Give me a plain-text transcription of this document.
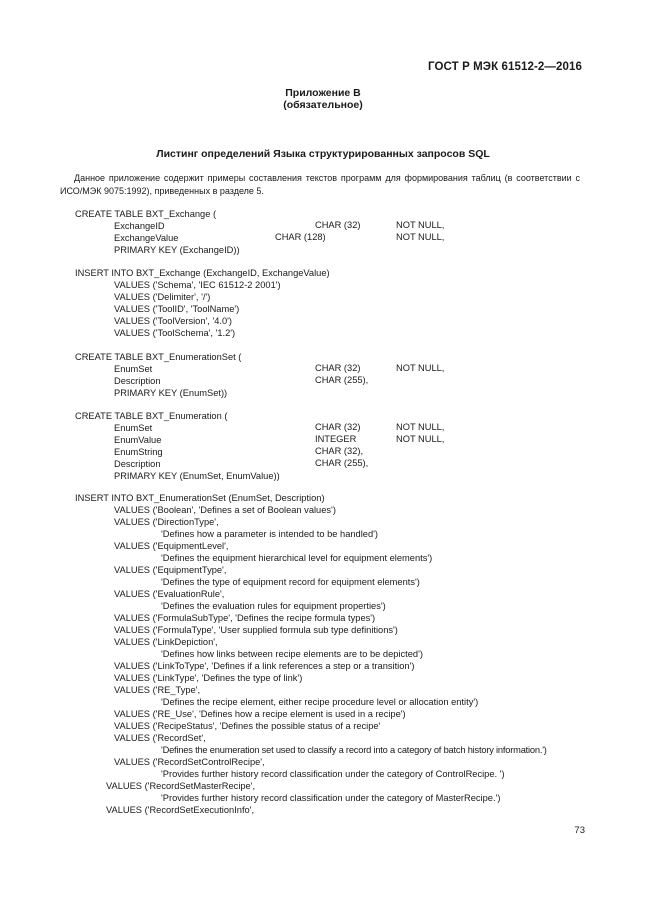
ГОСТ Р МЭК 61512-2—2016
Приложение В
(обязательное)
Листинг определений Языка структурированных запросов SQL
Данное приложение содержит примеры составления текстов программ для формирования таблиц (в соответствии с ИСО/МЭК 9075:1992), приведенных в разделе 5.
CREATE TABLE BXT_Exchange (
ExchangeID	CHAR (32)	NOT NULL,
ExchangeValue	CHAR (128)	NOT NULL,
PRIMARY KEY (ExchangeID))
INSERT INTO BXT_Exchange (ExchangeID, ExchangeValue)
VALUES ('Schema', 'IEC 61512-2 2001')
VALUES ('Delimiter', '/')
VALUES ('ToolID', 'ToolName')
VALUES ('ToolVersion', '4.0')
VALUES ('ToolSchema', '1.2')
CREATE TABLE BXT_EnumerationSet (
EnumSet	CHAR (32)	NOT NULL,
Description	CHAR (255),
PRIMARY KEY (EnumSet))
CREATE TABLE BXT_Enumeration (
EnumSet	CHAR (32)	NOT NULL,
EnumValue	INTEGER	NOT NULL,
EnumString	CHAR (32),
Description	CHAR (255),
PRIMARY KEY (EnumSet, EnumValue))
INSERT INTO BXT_EnumerationSet (EnumSet, Description)
VALUES ('Boolean', 'Defines a set of Boolean values')
VALUES ('DirectionType',
'Defines how a parameter is intended to be handled')
VALUES ('EquipmentLevel',
'Defines the equipment hierarchical level for equipment elements')
VALUES ('EquipmentType',
'Defines the type of equipment record for equipment elements')
VALUES ('EvaluationRule',
'Defines the evaluation rules for equipment properties')
VALUES ('FormulaSubType', 'Defines the recipe formula types')
VALUES ('FormulaType', 'User supplied formula sub type definitions')
VALUES ('LinkDepiction',
'Defines how links between recipe elements are to be depicted')
VALUES ('LinkToType', 'Defines if a link references a step or a transition')
VALUES ('LinkType', 'Defines the type of link')
VALUES ('RE_Type',
'Defines the recipe element, either recipe procedure level or allocation entity')
VALUES ('RE_Use', 'Defines how a recipe element is used in a recipe')
VALUES ('RecipeStatus', 'Defines the possible status of a recipe'
VALUES ('RecordSet',
'Defines the enumeration set used to classify a record into a category of batch history information.')
VALUES ('RecordSetControlRecipe',
'Provides further history record classification under the category of ControlRecipe. ')
VALUES ('RecordSetMasterRecipe',
'Provides further history record classification under the category of MasterRecipe.')
VALUES ('RecordSetExecutionInfo',
73
